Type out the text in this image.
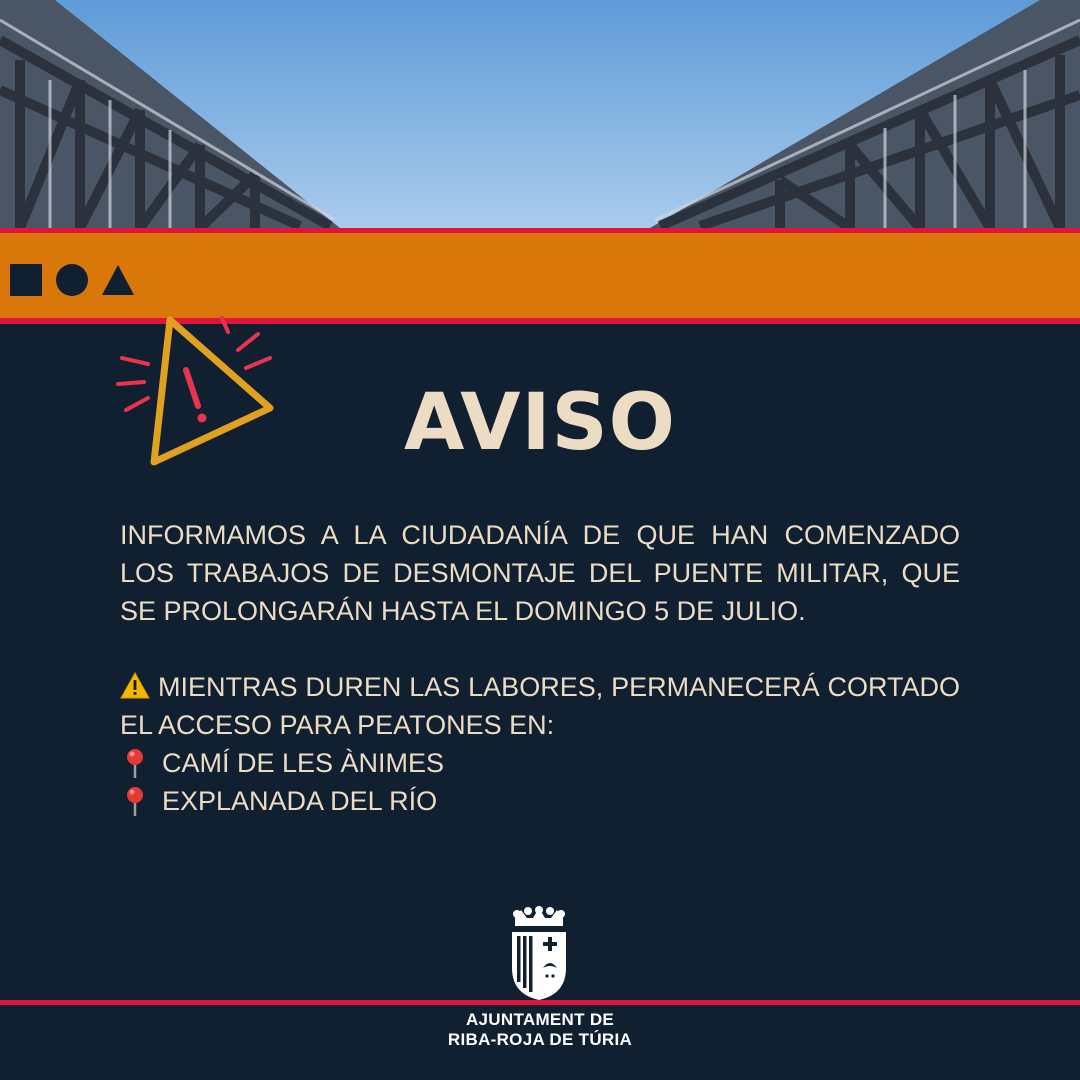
AVISO

INFORMAMOS A LA CIUDADANÍA DE QUE HAN COMENZADO LOS TRABAJOS DE DESMONTAJE DEL PUENTE MILITAR, QUE SE PROLONGARÁN HASTA EL DOMINGO 5 DE JULIO.

MIENTRAS DUREN LAS LABORES, PERMANECERÁ CORTADO EL ACCESO PARA PEATONES EN:

CAMÍ DE LES ÀNIMES
EXPLANADA DEL RÍO
AJUNTAMENT DE
RIBA-ROJA DE TÚRIA
